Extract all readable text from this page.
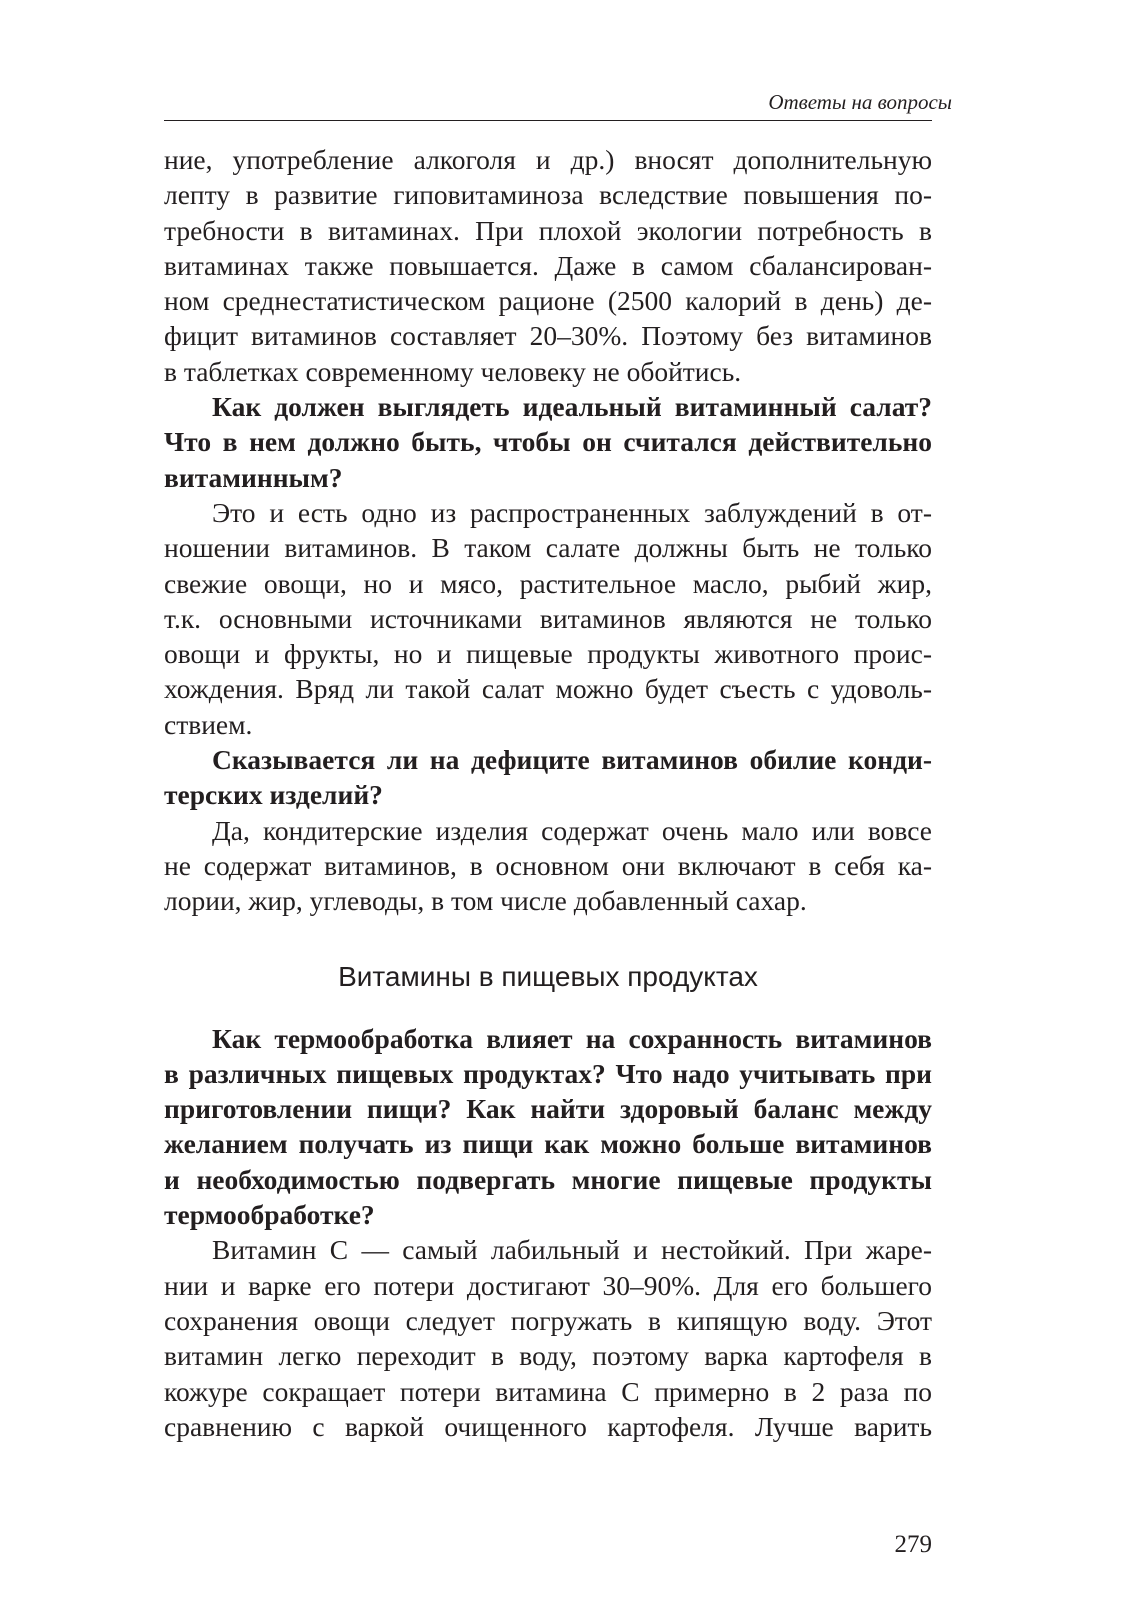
Ответы на вопросы
ние, употребление алкоголя и др.) вносят дополнительную
лепту в развитие гиповитаминоза вследствие повышения по-
требности в витаминах. При плохой экологии потребность в
витаминах также повышается. Даже в самом сбалансирован-
ном среднестатистическом рационе (2500 калорий в день) де-
фицит витаминов составляет 20–30%. Поэтому без витаминов
в таблетках современному человеку не обойтись.
Как должен выглядеть идеальный витаминный салат?
Что в нем должно быть, чтобы он считался действительно
витаминным?
Это и есть одно из распространенных заблуждений в от-
ношении витаминов. В таком салате должны быть не только
свежие овощи, но и мясо, растительное масло, рыбий жир,
т.к. основными источниками витаминов являются не только
овощи и фрукты, но и пищевые продукты животного проис-
хождения. Вряд ли такой салат можно будет съесть с удоволь-
ствием.
Сказывается ли на дефиците витаминов обилие конди-
терских изделий?
Да, кондитерские изделия содержат очень мало или вовсе
не содержат витаминов, в основном они включают в себя ка-
лории, жир, углеводы, в том числе добавленный сахар.
Витамины в пищевых продуктах
Как термообработка влияет на сохранность витаминов
в различных пищевых продуктах? Что надо учитывать при
приготовлении пищи? Как найти здоровый баланс между
желанием получать из пищи как можно больше витаминов
и необходимостью подвергать многие пищевые продукты
термообработке?
Витамин С — самый лабильный и нестойкий. При жаре-
нии и варке его потери достигают 30–90%. Для его большего
сохранения овощи следует погружать в кипящую воду. Этот
витамин легко переходит в воду, поэтому варка картофеля в
кожуре сокращает потери витамина С примерно в 2 раза по
сравнению с варкой очищенного картофеля. Лучше варить
279
